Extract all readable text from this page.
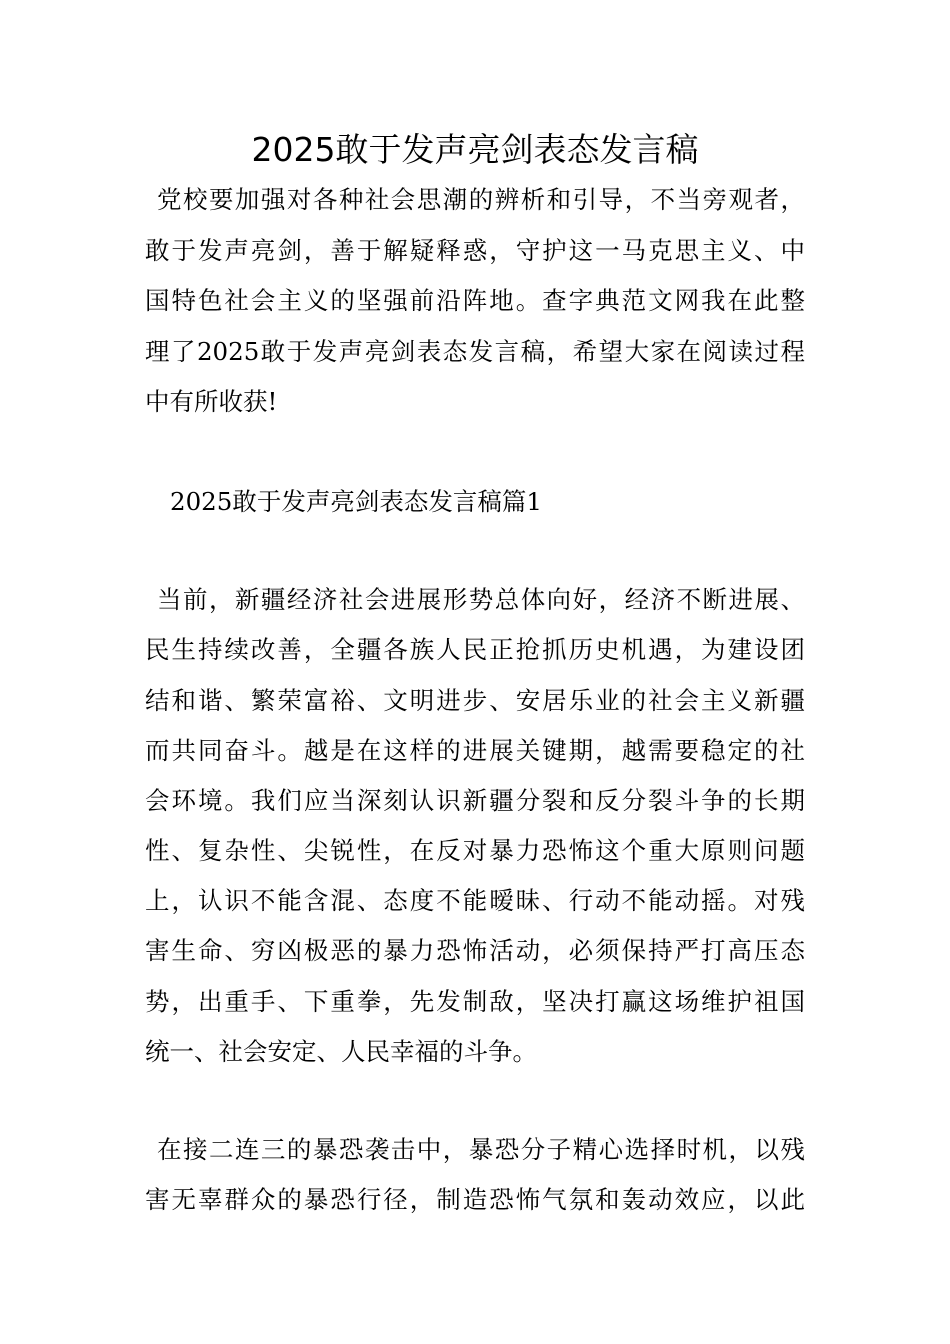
2025敢于发声亮剑表态发言稿
党校要加强对各种社会思潮的辨析和引导，不当旁观者，
敢于发声亮剑，善于解疑释惑，守护这一马克思主义、中
国特色社会主义的坚强前沿阵地。查字典范文网我在此整
理了2025敢于发声亮剑表态发言稿，希望大家在阅读过程
中有所收获!
2025敢于发声亮剑表态发言稿篇1
当前，新疆经济社会进展形势总体向好，经济不断进展、
民生持续改善，全疆各族人民正抢抓历史机遇，为建设团
结和谐、繁荣富裕、文明进步、安居乐业的社会主义新疆
而共同奋斗。越是在这样的进展关键期，越需要稳定的社
会环境。我们应当深刻认识新疆分裂和反分裂斗争的长期
性、复杂性、尖锐性，在反对暴力恐怖这个重大原则问题
上，认识不能含混、态度不能暧昧、行动不能动摇。对残
害生命、穷凶极恶的暴力恐怖活动，必须保持严打高压态
势，出重手、下重拳，先发制敌，坚决打赢这场维护祖国
统一、社会安定、人民幸福的斗争。
在接二连三的暴恐袭击中，暴恐分子精心选择时机，以残
害无辜群众的暴恐行径，制造恐怖气氛和轰动效应，以此
